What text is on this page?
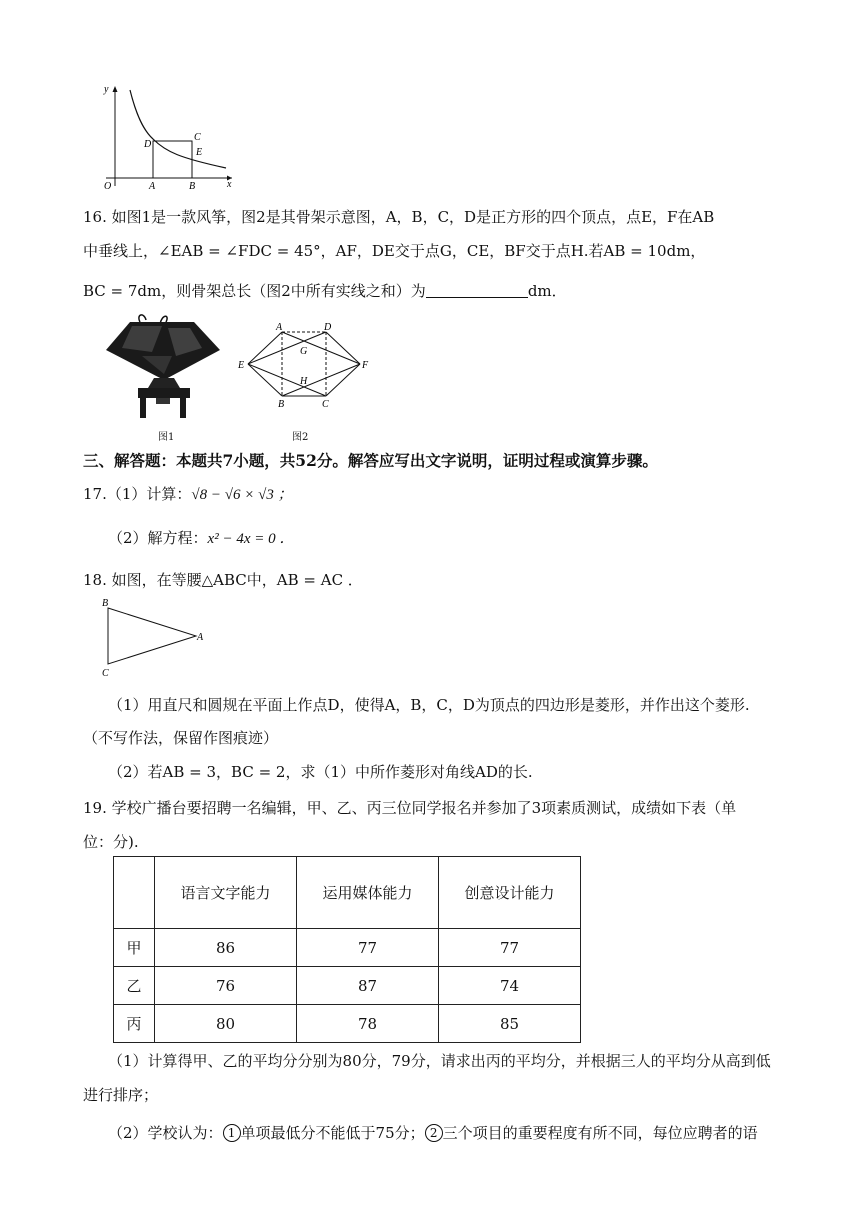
y
x
O	A	B
C
D
E
16. 如图1是一款风筝，图2是其骨架示意图，A，B，C，D是正方形的四个顶点，点E，F在AB
中垂线上，∠EAB = ∠FDC = 45°，AF，DE交于点G，CE，BF交于点H.若AB = 10dm，
BC = 7dm，则骨架总长（图2中所有实线之和）为	dm．
图1
A	D
G
E	F
H
B	C
图2
三、解答题：本题共7小题，共52分。解答应写出文字说明，证明过程或演算步骤。
17.（1）计算：√8 − √6 × √3 ；
（2）解方程：x² − 4x = 0 ．
18. 如图，在等腰△ABC中，AB = AC ．
B
A
C
（1）用直尺和圆规在平面上作点D，使得A，B，C，D为顶点的四边形是菱形，并作出这个菱形.
（不写作法，保留作图痕迹）
（2）若AB = 3，BC = 2，求（1）中所作菱形对角线AD的长.
19. 学校广播台要招聘一名编辑，甲、乙、丙三位同学报名并参加了3项素质测试，成绩如下表（单
位：分).
	语言文字能力	运用媒体能力	创意设计能力
甲	86	77	77
乙	76	87	74
丙	80	78	85
（1）计算得甲、乙的平均分分别为80分，79分，请求出丙的平均分，并根据三人的平均分从高到低
进行排序；
（2）学校认为： 1 单项最低分不能低于75分； 2 三个项目的重要程度有所不同，每位应聘者的语
